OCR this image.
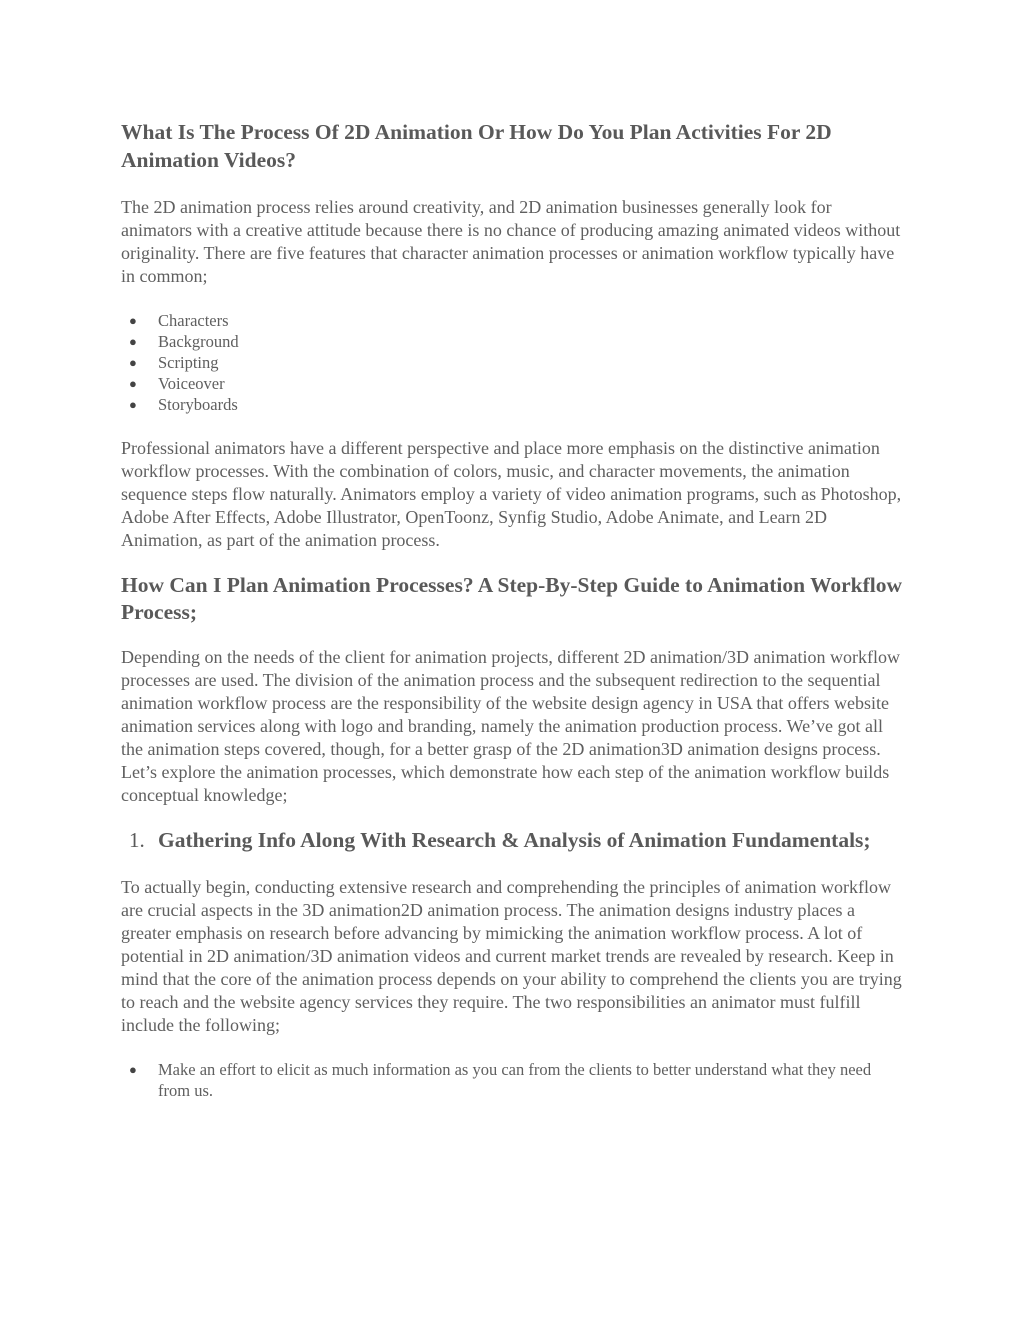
What Is The Process Of 2D Animation Or How Do You Plan Activities For 2D Animation Videos?

The 2D animation process relies around creativity, and 2D animation businesses generally look for animators with a creative attitude because there is no chance of producing amazing animated videos without originality. There are five features that character animation processes or animation workflow typically have in common;

● Characters
● Background
● Scripting
● Voiceover
● Storyboards

Professional animators have a different perspective and place more emphasis on the distinctive animation workflow processes. With the combination of colors, music, and character movements, the animation sequence steps flow naturally. Animators employ a variety of video animation programs, such as Photoshop, Adobe After Effects, Adobe Illustrator, OpenToonz, Synfig Studio, Adobe Animate, and Learn 2D Animation, as part of the animation process.

How Can I Plan Animation Processes? A Step-By-Step Guide to Animation Workflow Process;

Depending on the needs of the client for animation projects, different 2D animation/3D animation workflow processes are used. The division of the animation process and the subsequent redirection to the sequential animation workflow process are the responsibility of the website design agency in USA that offers website animation services along with logo and branding, namely the animation production process. We’ve got all the animation steps covered, though, for a better grasp of the 2D animation3D animation designs process.

Let’s explore the animation processes, which demonstrate how each step of the animation workflow builds conceptual knowledge;

1. Gathering Info Along With Research & Analysis of Animation Fundamentals;

To actually begin, conducting extensive research and comprehending the principles of animation workflow are crucial aspects in the 3D animation2D animation process. The animation designs industry places a greater emphasis on research before advancing by mimicking the animation workflow process. A lot of potential in 2D animation/3D animation videos and current market trends are revealed by research. Keep in mind that the core of the animation process depends on your ability to comprehend the clients you are trying to reach and the website agency services they require. The two responsibilities an animator must fulfill include the following;

● Make an effort to elicit as much information as you can from the clients to better understand what they need from us.
